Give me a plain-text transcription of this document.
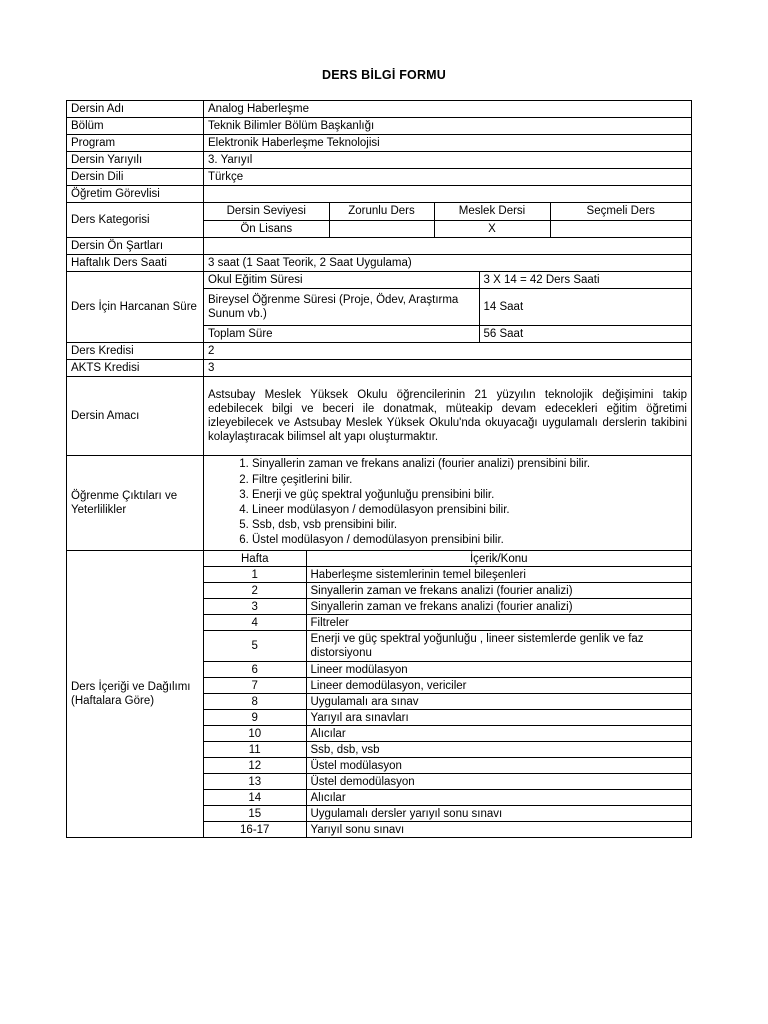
DERS BİLGİ FORMU
Dersin Adı	Analog Haberleşme
Bölüm	Teknik Bilimler Bölüm Başkanlığı
Program	Elektronik Haberleşme Teknolojisi
Dersin Yarıyılı	3. Yarıyıl
Dersin Dili	Türkçe
Öğretim Görevlisi	
Ders Kategorisi	
Dersin Seviyesi	Zorunlu Ders	Meslek Dersi	Seçmeli Ders
Ön Lisans		X	

Dersin Ön Şartları	
Haftalık Ders Saati	3 saat (1 Saat Teorik, 2 Saat Uygulama)
Ders İçin Harcanan Süre	
Okul Eğitim Süresi	3 X 14 = 42 Ders Saati
Bireysel Öğrenme Süresi (Proje, Ödev, Araştırma Sunum vb.)	14 Saat
Toplam Süre	56 Saat

Ders Kredisi	2
AKTS Kredisi	3
Dersin Amacı	Astsubay Meslek Yüksek Okulu öğrencilerinin 21 yüzyılın teknolojik değişimini takip edebilecek bilgi ve beceri ile donatmak, müteakip devam edecekleri eğitim öğretimi izleyebilecek ve Astsubay Meslek Yüksek Okulu'nda okuyacağı uygulamalı derslerin takibini kolaylaştıracak bilimsel alt yapı oluşturmaktır.
Öğrenme Çıktıları ve Yeterlilikler	
1. Sinyallerin zaman ve frekans analizi (fourier analizi) prensibini bilir.
2. Filtre çeşitlerini bilir.
3. Enerji ve güç spektral yoğunluğu prensibini bilir.
4. Lineer modülasyon / demodülasyon prensibini bilir.
5. Ssb, dsb, vsb prensibini bilir.
6. Üstel modülasyon / demodülasyon prensibini bilir.

Ders İçeriği ve Dağılımı (Haftalara Göre)	
Hafta	İçerik/Konu
1	Haberleşme sistemlerinin temel bileşenleri
2	Sinyallerin zaman ve frekans analizi (fourier analizi)
3	Sinyallerin zaman ve frekans analizi (fourier analizi)
4	Filtreler
5	Enerji ve güç spektral yoğunluğu , lineer sistemlerde genlik ve faz distorsiyonu
6	Lineer modülasyon
7	Lineer demodülasyon, vericiler
8	Uygulamalı ara sınav
9	Yarıyıl ara sınavları
10	Alıcılar
11	Ssb, dsb, vsb
12	Üstel modülasyon
13	Üstel demodülasyon
14	Alıcılar
15	Uygulamalı dersler yarıyıl sonu sınavı
16-17	Yarıyıl sonu sınavı
